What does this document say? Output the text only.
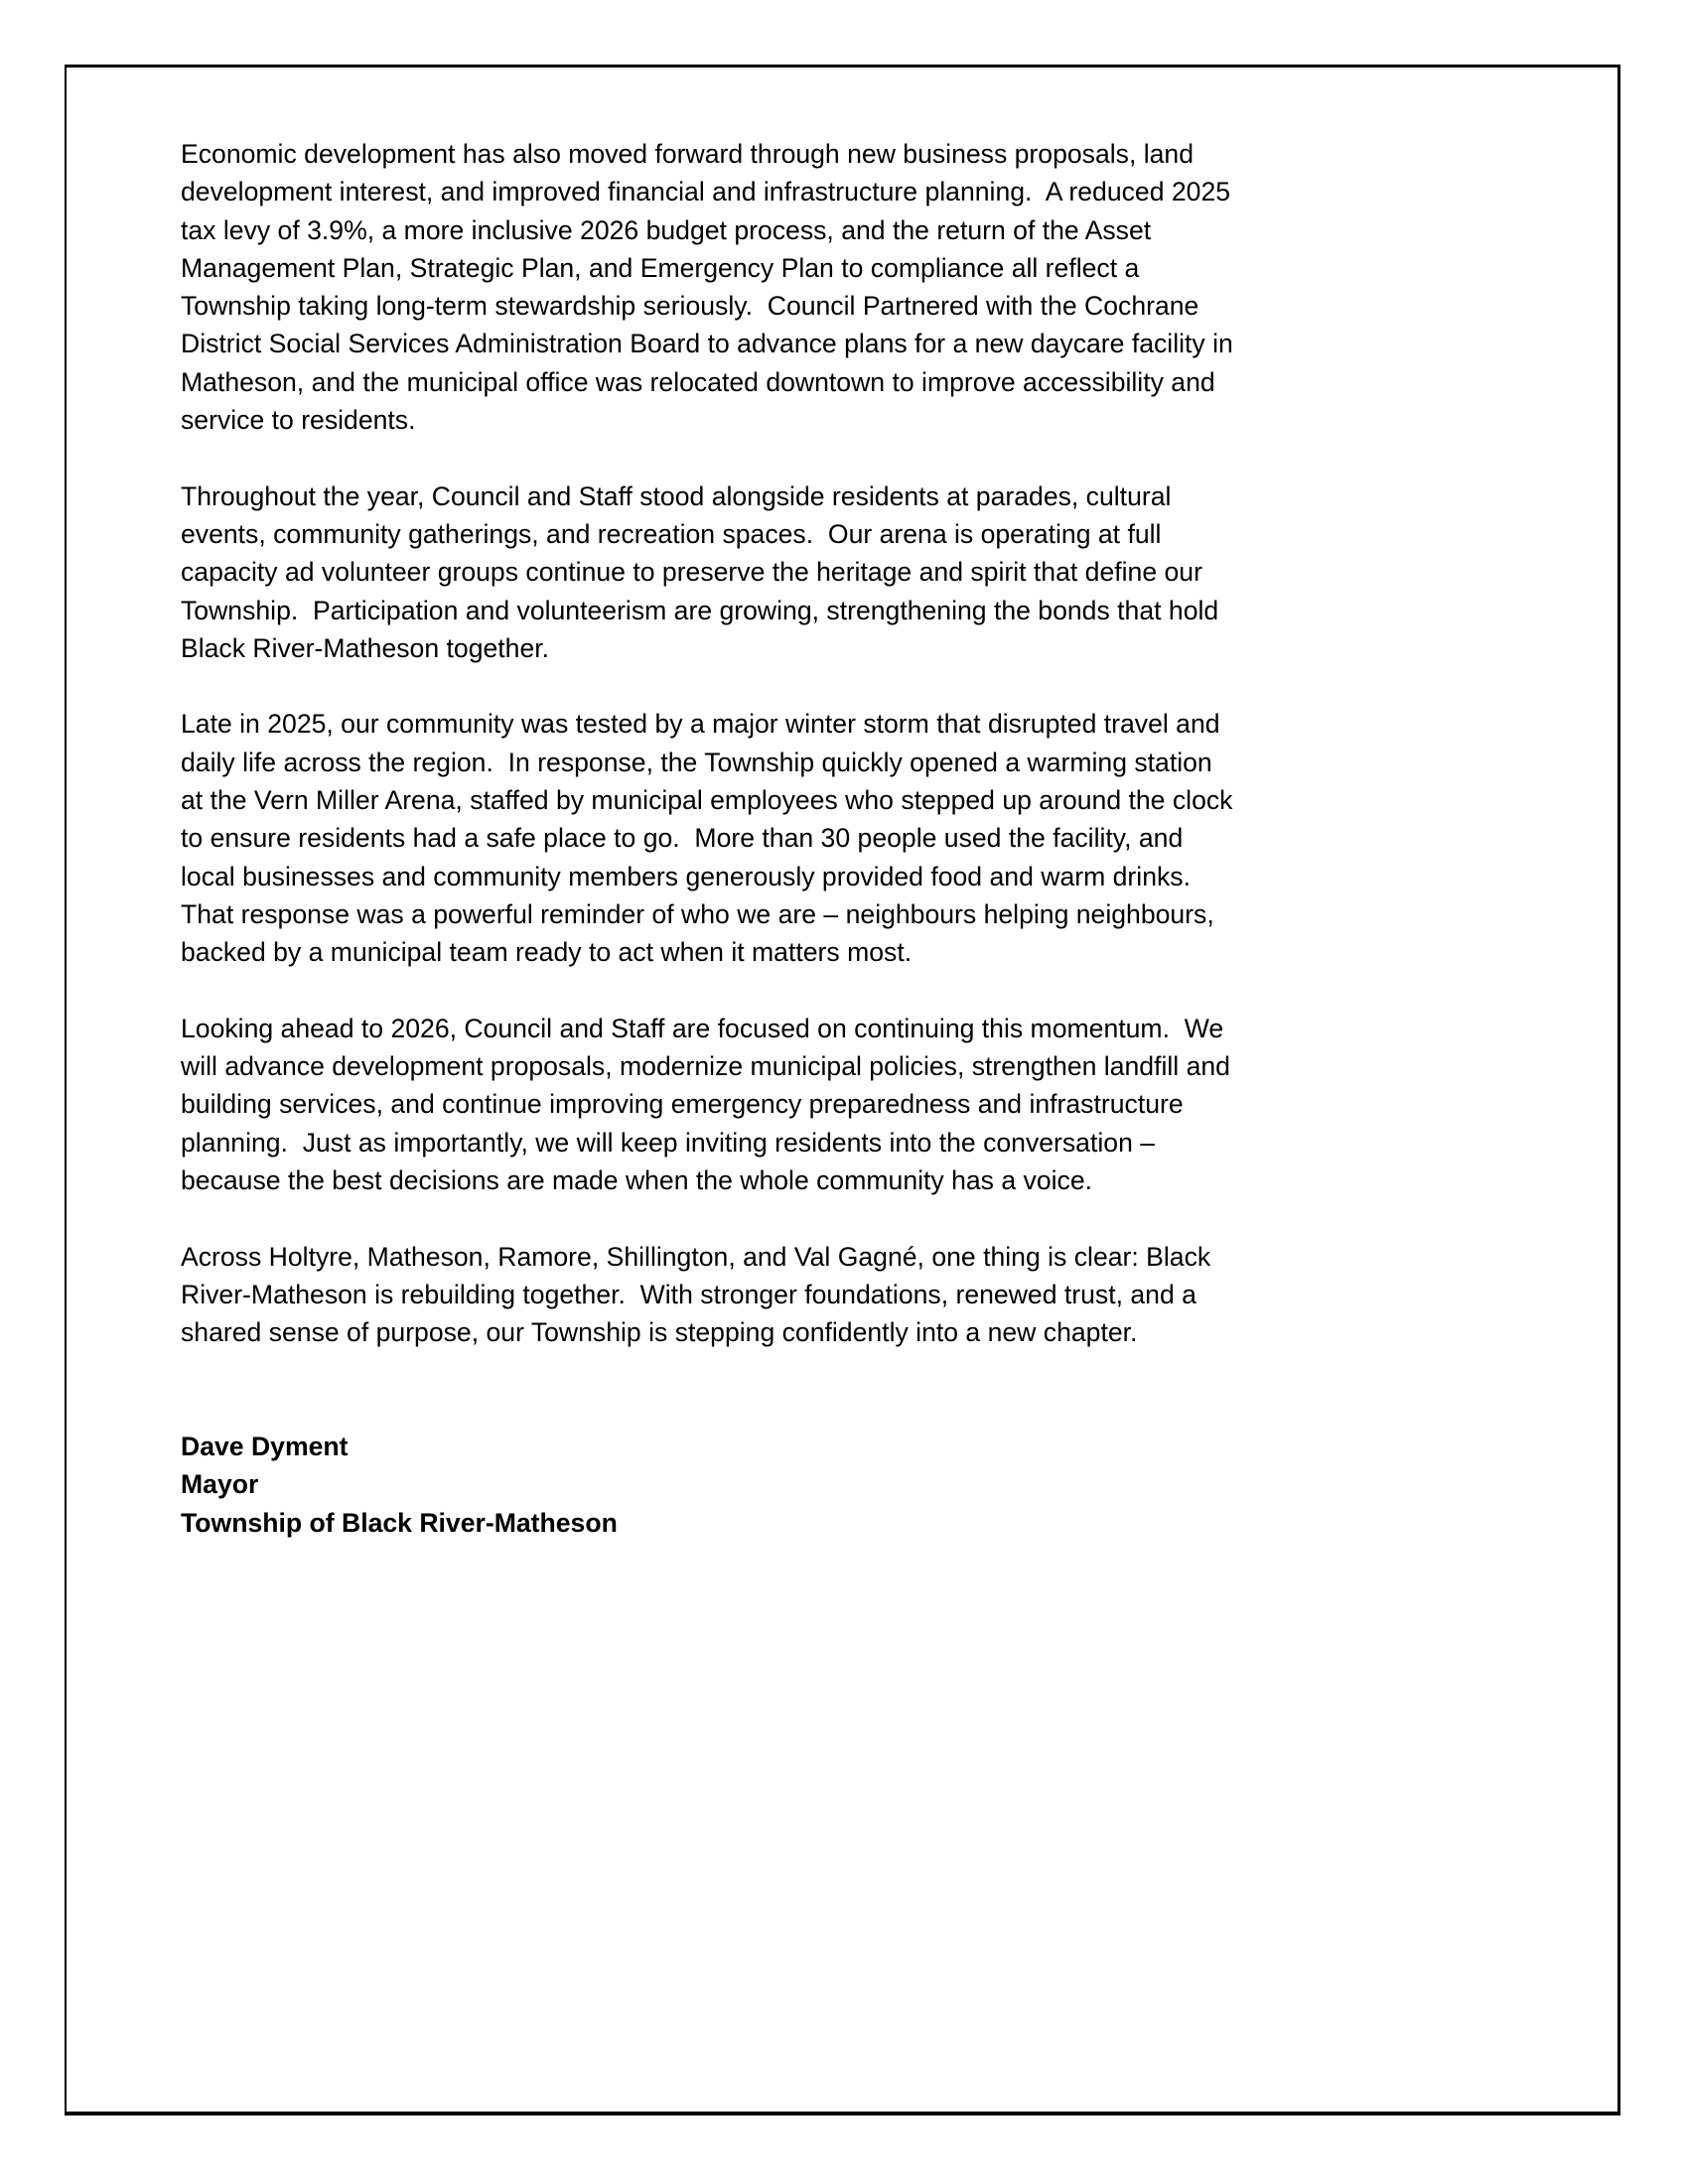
Economic development has also moved forward through new business proposals, land
development interest, and improved financial and infrastructure planning.  A reduced 2025
tax levy of 3.9%, a more inclusive 2026 budget process, and the return of the Asset
Management Plan, Strategic Plan, and Emergency Plan to compliance all reflect a
Township taking long-term stewardship seriously.  Council Partnered with the Cochrane
District Social Services Administration Board to advance plans for a new daycare facility in
Matheson, and the municipal office was relocated downtown to improve accessibility and
service to residents.
Throughout the year, Council and Staff stood alongside residents at parades, cultural
events, community gatherings, and recreation spaces.  Our arena is operating at full
capacity ad volunteer groups continue to preserve the heritage and spirit that define our
Township.  Participation and volunteerism are growing, strengthening the bonds that hold
Black River-Matheson together.
Late in 2025, our community was tested by a major winter storm that disrupted travel and
daily life across the region.  In response, the Township quickly opened a warming station
at the Vern Miller Arena, staffed by municipal employees who stepped up around the clock
to ensure residents had a safe place to go.  More than 30 people used the facility, and
local businesses and community members generously provided food and warm drinks.
That response was a powerful reminder of who we are – neighbours helping neighbours,
backed by a municipal team ready to act when it matters most.
Looking ahead to 2026, Council and Staff are focused on continuing this momentum.  We
will advance development proposals, modernize municipal policies, strengthen landfill and
building services, and continue improving emergency preparedness and infrastructure
planning.  Just as importantly, we will keep inviting residents into the conversation –
because the best decisions are made when the whole community has a voice.
Across Holtyre, Matheson, Ramore, Shillington, and Val Gagné, one thing is clear: Black
River-Matheson is rebuilding together.  With stronger foundations, renewed trust, and a
shared sense of purpose, our Township is stepping confidently into a new chapter.
Dave Dyment
Mayor
Township of Black River-Matheson
